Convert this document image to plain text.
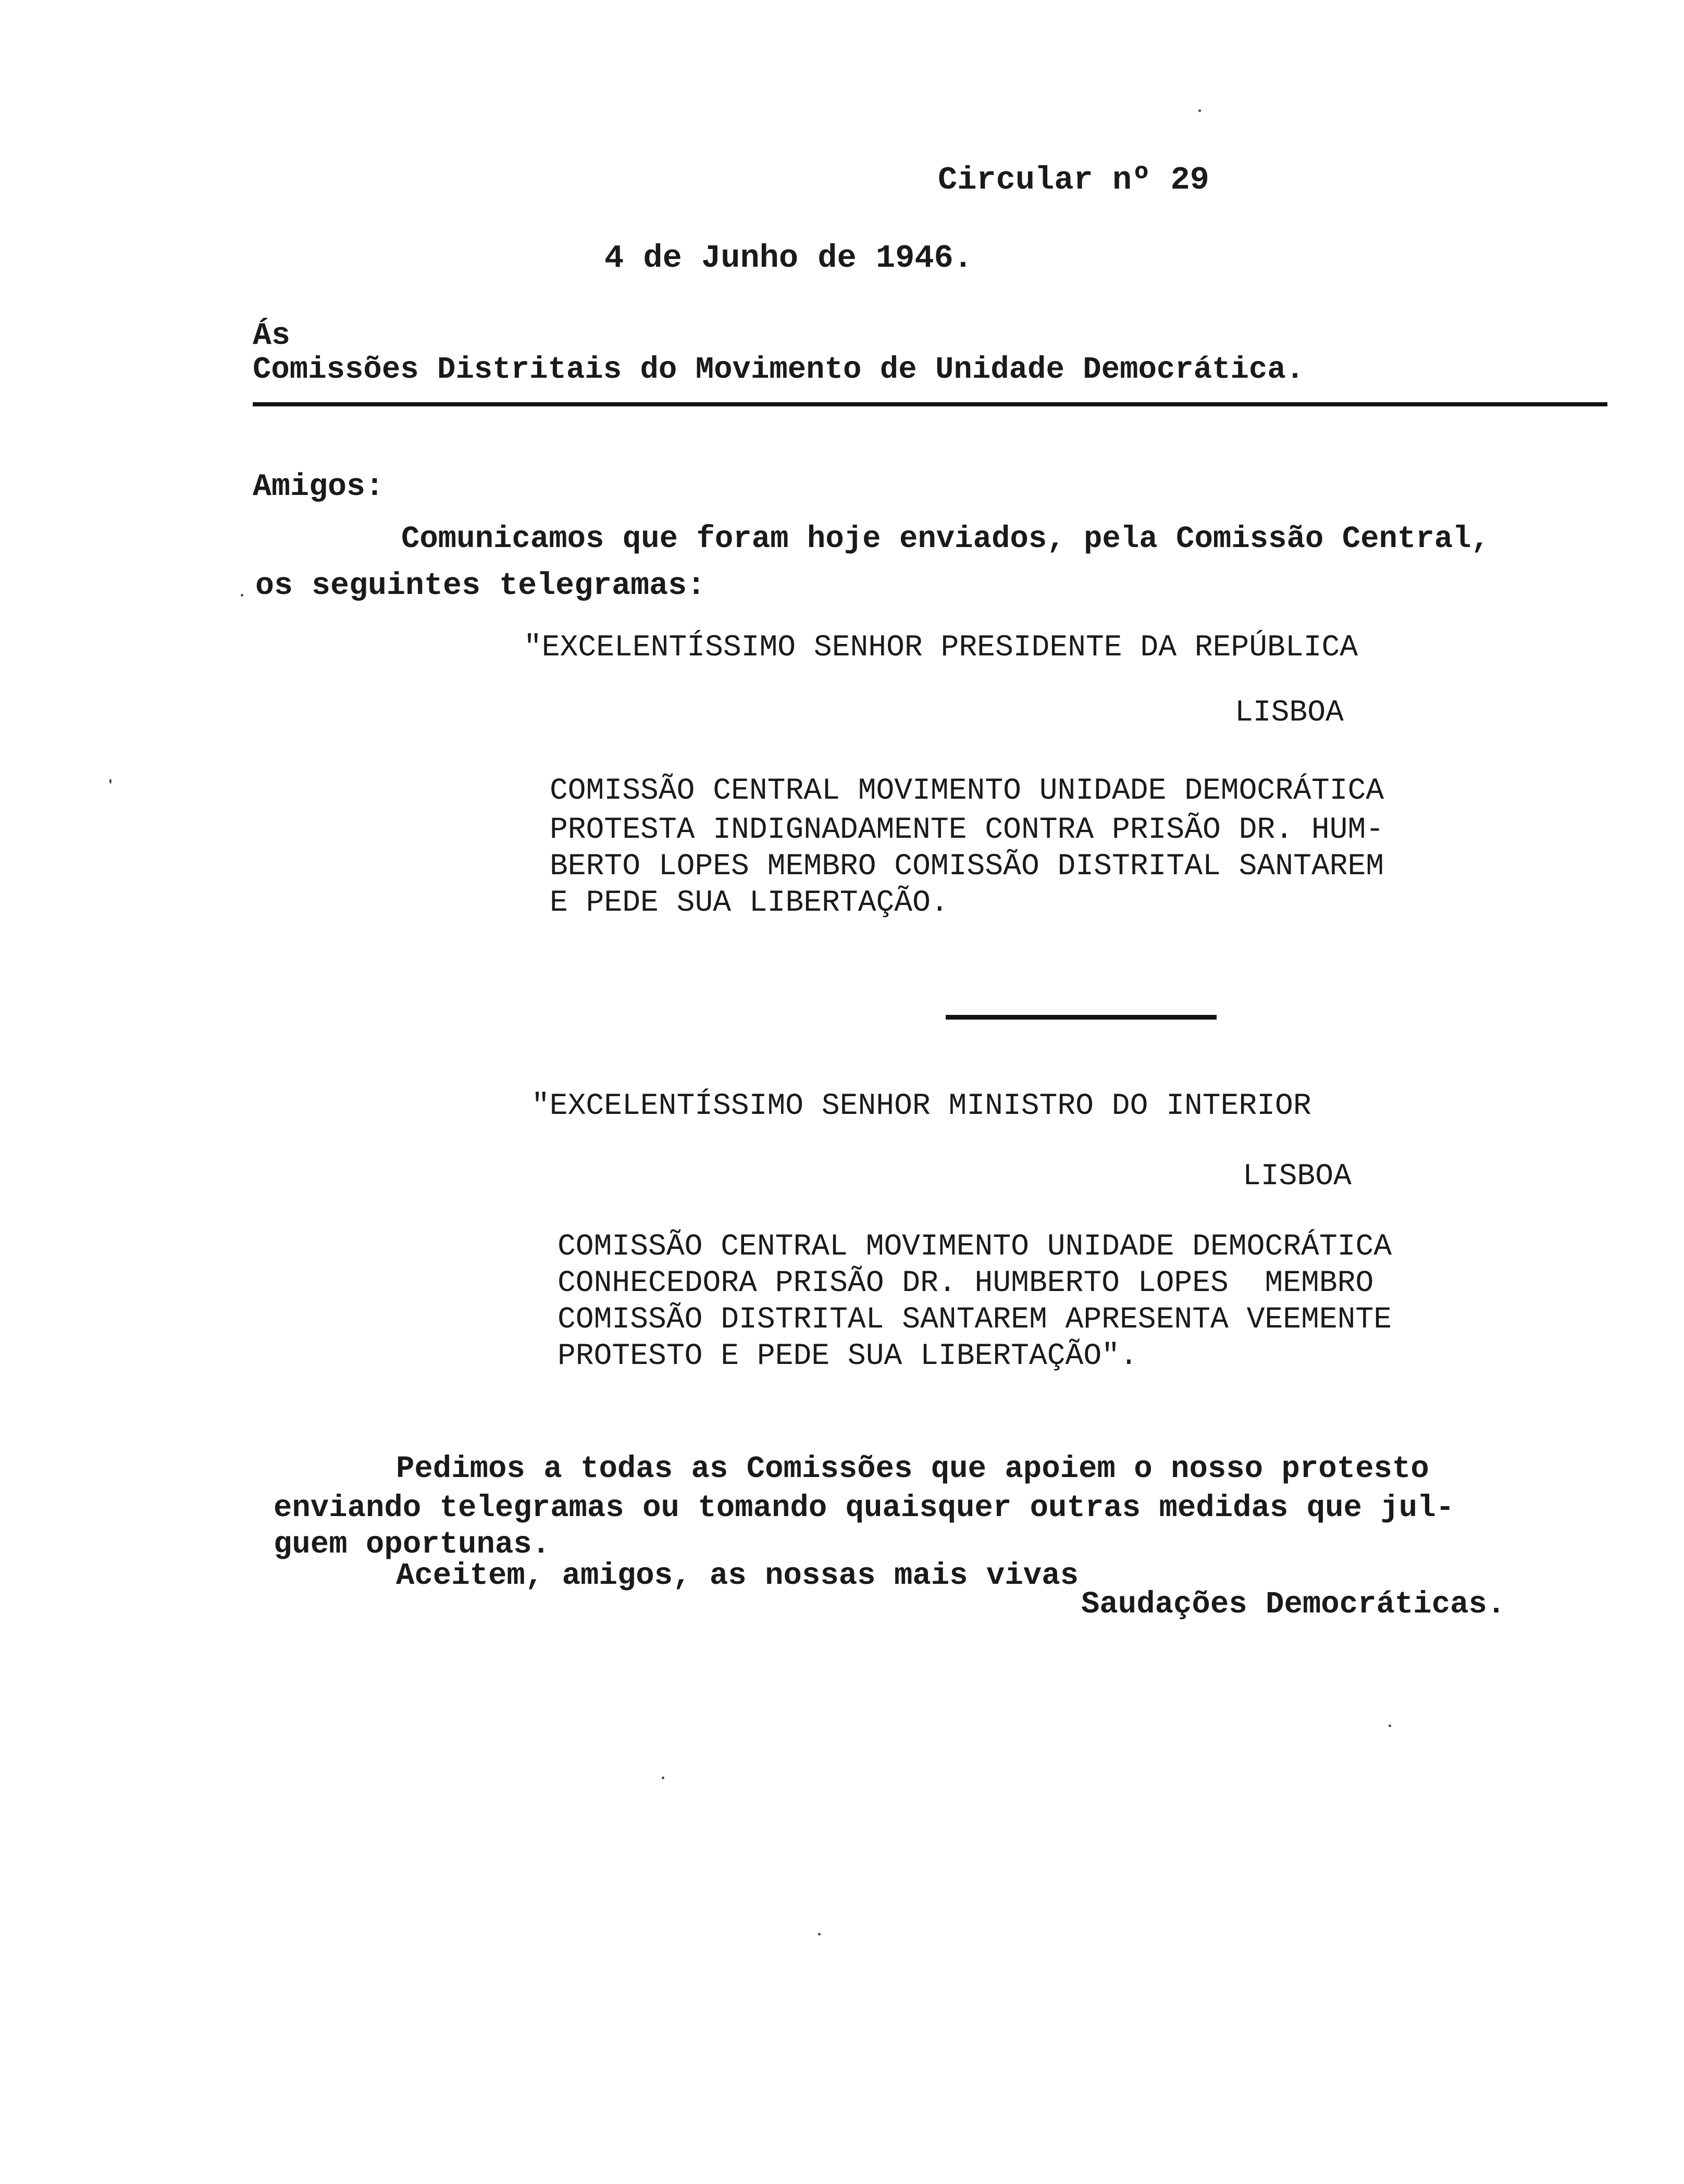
Circular nº 29

4 de Junho de 1946.

Ás

Comissões Distritais do Movimento de Unidade Democrática.

Amigos:

Comunicamos que foram hoje enviados, pela Comissão Central,

os seguintes telegramas:

"EXCELENTÍSSIMO SENHOR PRESIDENTE DA REPÚBLICA

LISBOA

COMISSÃO CENTRAL MOVIMENTO UNIDADE DEMOCRÁTICA

PROTESTA INDIGNADAMENTE CONTRA PRISÃO DR. HUM-

BERTO LOPES MEMBRO COMISSÃO DISTRITAL SANTAREM

E PEDE SUA LIBERTAÇÃO.

"EXCELENTÍSSIMO SENHOR MINISTRO DO INTERIOR

LISBOA

COMISSÃO CENTRAL MOVIMENTO UNIDADE DEMOCRÁTICA

CONHECEDORA PRISÃO DR. HUMBERTO LOPES  MEMBRO

COMISSÃO DISTRITAL SANTAREM APRESENTA VEEMENTE

PROTESTO E PEDE SUA LIBERTAÇÃO".

Pedimos a todas as Comissões que apoiem o nosso protesto

enviando telegramas ou tomando quaisquer outras medidas que jul-

guem oportunas.

Aceitem, amigos, as nossas mais vivas

Saudações Democráticas.
